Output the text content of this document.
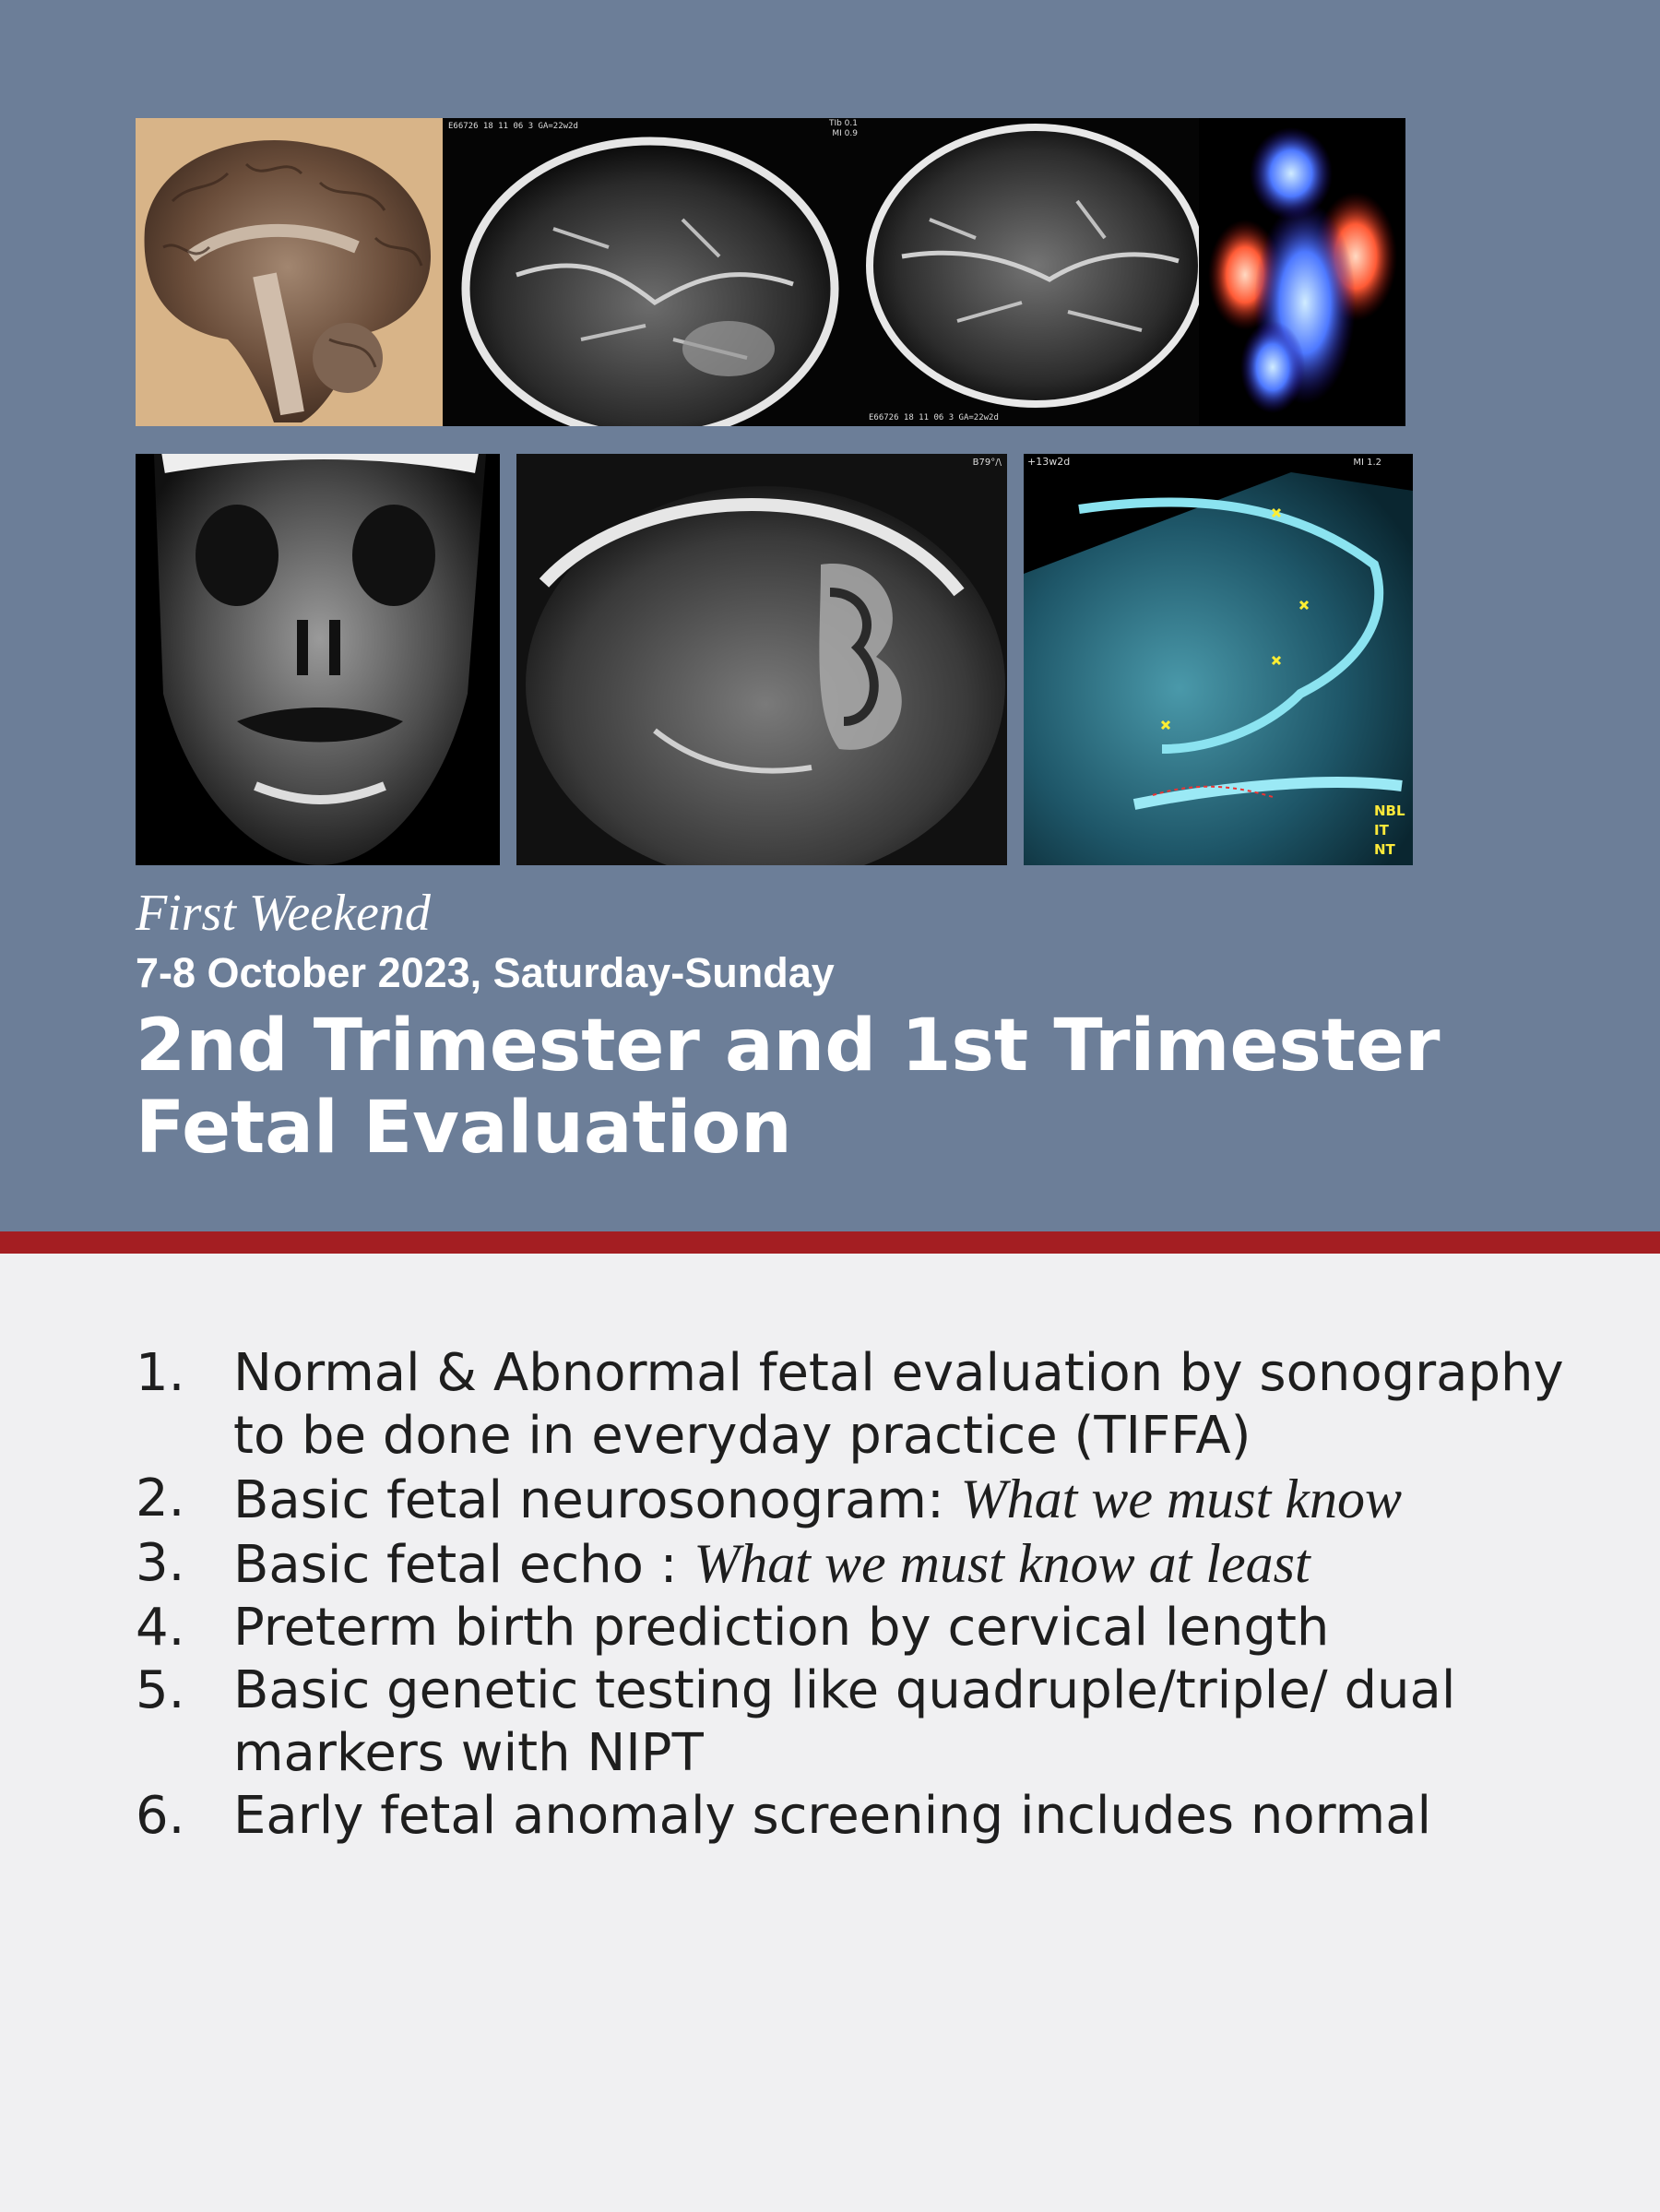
E66726 18 11 06 3 GA=22w2d	TIb 0.1
MI 0.9
E66726 18 11 06 3 GA=22w2d
B79°/\	+13w2d	MI 1.2
NBL
IT
NT
First Weekend
7-8 October 2023, Saturday-Sunday
2nd Trimester and 1st Trimester
Fetal Evaluation
1. Normal & Abnormal fetal evaluation by sonography to be done in everyday practice (TIFFA)
2. Basic fetal neurosonogram: What we must know
3. Basic fetal echo : What we must know at least
4. Preterm birth prediction by cervical length
5. Basic genetic testing like quadruple/triple/ dual markers with NIPT
6. Early fetal anomaly screening includes normal
